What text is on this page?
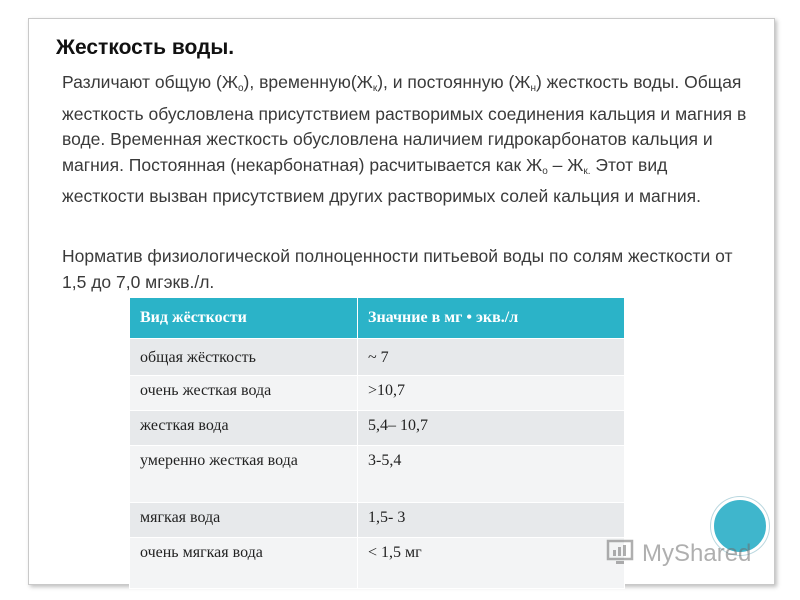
Жесткость воды.
Различают общую $(Ж_о)$, $временную(Ж_к)$, и постоянную $(Ж_н)$ жесткость воды. Общая жесткость обусловлена присутствием растворимых соединения кальция и магния в воде. Временная жесткость обусловлена наличием гидрокарбонатов кальция и магния. Постоянная (некарбонатная) расчитывается как $Ж_о - Ж_{к.}$ Этот вид жесткости вызван присутствием других растворимых солей кальция и магния.
Норматив физиологической полноценности питьевой воды по солям жесткости от 1,5 до 7,0 мгэкв./л.
Вид жёсткости	Значние в мг • экв./л
общая жёсткость	~ 7
очень жесткая вода	>10,7
жесткая вода	5,4– 10,7
умеренно жесткая вода	3-5,4
мягкая вода	1,5- 3
очень мягкая вода	< 1,5 мг	MyShared
